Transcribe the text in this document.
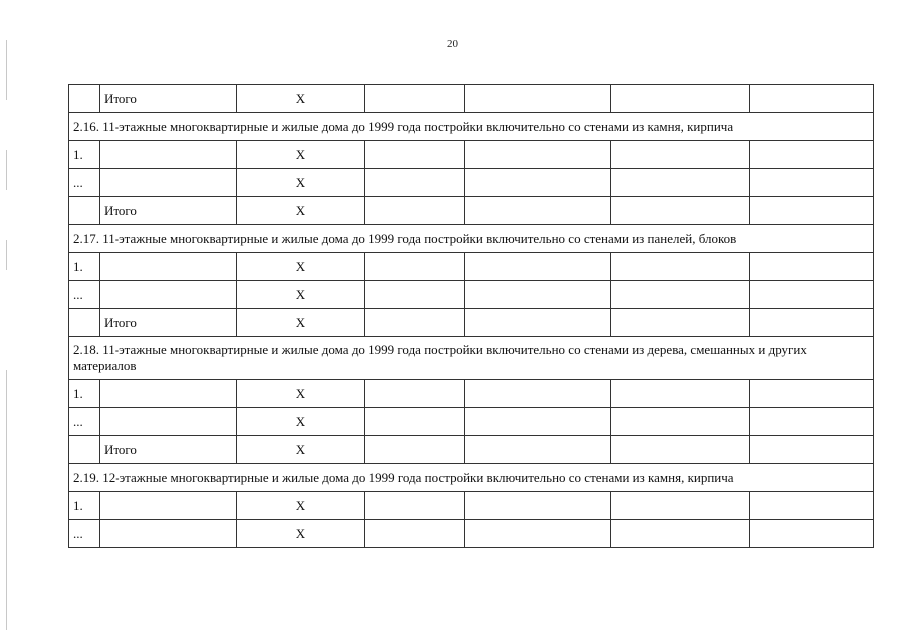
20
	Итого	X				
2.16. 11-этажные многоквартирные и жилые дома до 1999 года постройки включительно со стенами из камня, кирпича						
1.		X				
...		X				
	Итого	X				
2.17. 11-этажные многоквартирные и жилые дома до 1999 года постройки включительно со стенами из панелей, блоков						
1.		X				
...		X				
	Итого	X				
2.18. 11-этажные многоквартирные и жилые дома до 1999 года постройки включительно со стенами из дерева, смешанных и других материалов						
1.		X				
...		X				
	Итого	X				
2.19. 12-этажные многоквартирные и жилые дома до 1999 года постройки включительно со стенами из камня, кирпича						
1.		X				
...		X				
